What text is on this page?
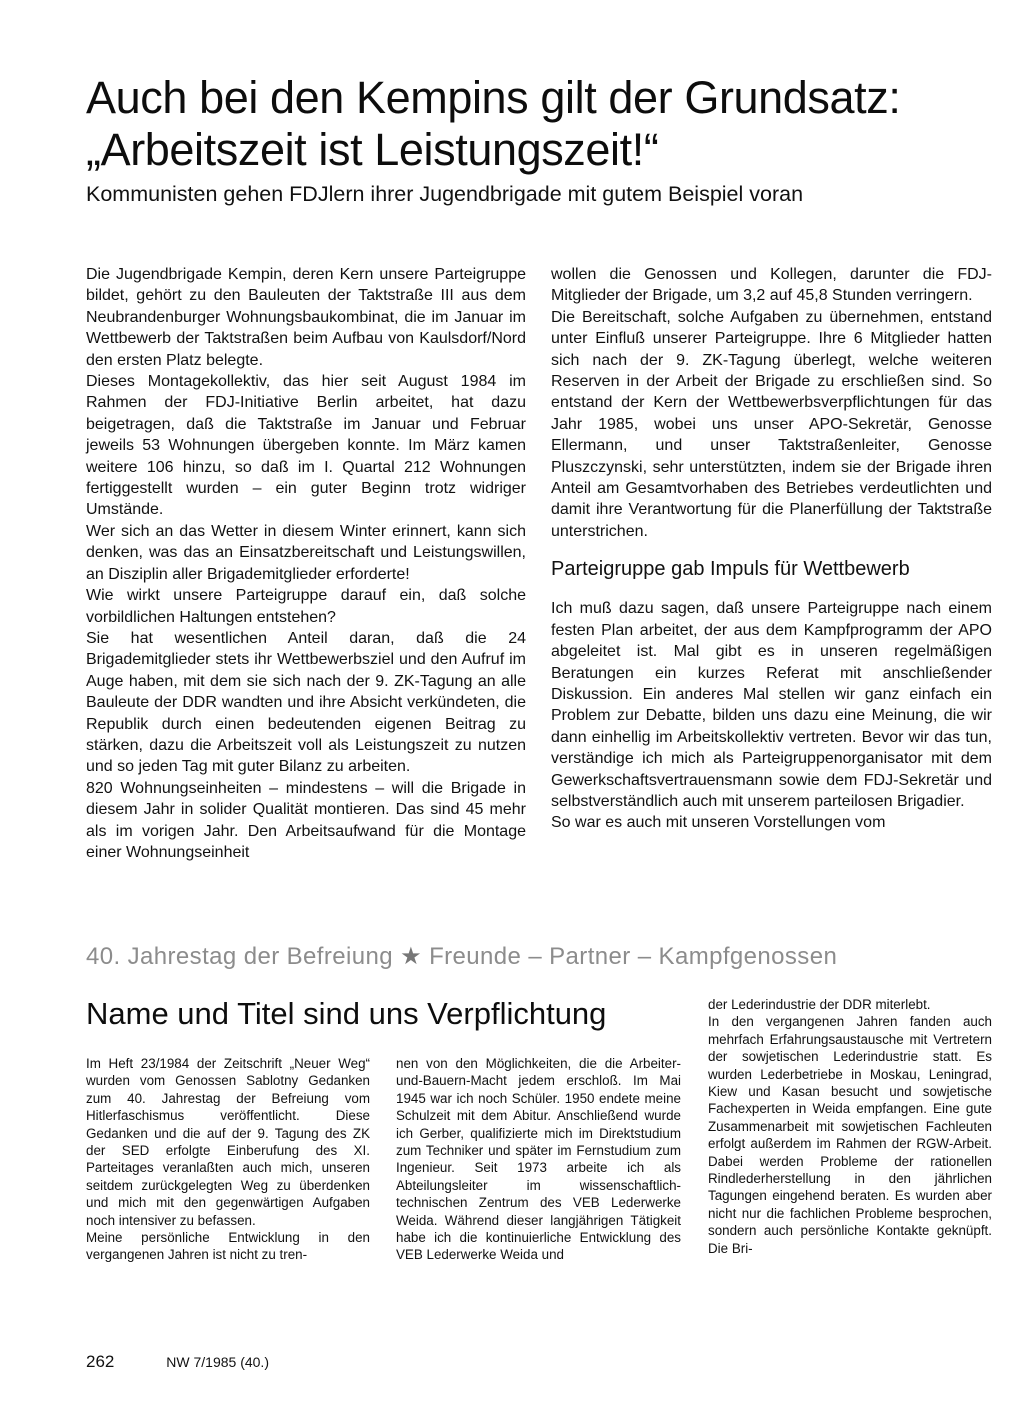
Auch bei den Kempins gilt der Grundsatz:
„Arbeitszeit ist Leistungszeit!“
Kommunisten gehen FDJlern ihrer Jugendbrigade mit gutem Beispiel voran

Die Jugendbrigade Kempin, deren Kern unsere Parteigruppe bildet, gehört zu den Bauleuten der Taktstraße III aus dem Neubrandenburger Wohnungsbaukombinat, die im Januar im Wettbewerb der Taktstraßen beim Aufbau von Kaulsdorf/Nord den ersten Platz belegte.

Dieses Montagekollektiv, das hier seit August 1984 im Rahmen der FDJ-Initiative Berlin arbeitet, hat dazu beigetragen, daß die Taktstraße im Januar und Februar jeweils 53 Wohnungen übergeben konnte. Im März kamen weitere 106 hinzu, so daß im I. Quartal 212 Wohnungen fertiggestellt wurden – ein guter Beginn trotz widriger Umstände.

Wer sich an das Wetter in diesem Winter erinnert, kann sich denken, was das an Einsatzbereitschaft und Leistungswillen, an Disziplin aller Brigademitglieder erforderte!

Wie wirkt unsere Parteigruppe darauf ein, daß solche vorbildlichen Haltungen entstehen?

Sie hat wesentlichen Anteil daran, daß die 24 Brigademitglieder stets ihr Wettbewerbsziel und den Aufruf im Auge haben, mit dem sie sich nach der 9. ZK-Tagung an alle Bauleute der DDR wandten und ihre Absicht verkündeten, die Republik durch einen bedeutenden eigenen Beitrag zu stärken, dazu die Arbeitszeit voll als Leistungszeit zu nutzen und so jeden Tag mit guter Bilanz zu arbeiten.

820 Wohnungseinheiten – mindestens – will die Brigade in diesem Jahr in solider Qualität montieren. Das sind 45 mehr als im vorigen Jahr. Den Arbeitsaufwand für die Montage einer Wohnungseinheit

wollen die Genossen und Kollegen, darunter die FDJ-Mitglieder der Brigade, um 3,2 auf 45,8 Stunden verringern.

Die Bereitschaft, solche Aufgaben zu übernehmen, entstand unter Einfluß unserer Parteigruppe. Ihre 6 Mitglieder hatten sich nach der 9. ZK-Tagung überlegt, welche weiteren Reserven in der Arbeit der Brigade zu erschließen sind. So entstand der Kern der Wettbewerbsverpflichtungen für das Jahr 1985, wobei uns unser APO-Sekretär, Genosse Ellermann, und unser Taktstraßenleiter, Genosse Pluszczynski, sehr unterstützten, indem sie der Brigade ihren Anteil am Gesamtvorhaben des Betriebes verdeutlichten und damit ihre Verantwortung für die Planerfüllung der Taktstraße unterstrichen.

Parteigruppe gab Impuls für Wettbewerb

Ich muß dazu sagen, daß unsere Parteigruppe nach einem festen Plan arbeitet, der aus dem Kampfprogramm der APO abgeleitet ist. Mal gibt es in unseren regelmäßigen Beratungen ein kurzes Referat mit anschließender Diskussion. Ein anderes Mal stellen wir ganz einfach ein Problem zur Debatte, bilden uns dazu eine Meinung, die wir dann einhellig im Arbeitskollektiv vertreten. Bevor wir das tun, verständige ich mich als Parteigruppenorganisator mit dem Gewerkschaftsvertrauensmann sowie dem FDJ-Sekretär und selbstverständlich auch mit unserem parteilosen Brigadier.

So war es auch mit unseren Vorstellungen vom

40. Jahrestag der Befreiung ★ Freunde – Partner – Kampfgenossen
Name und Titel sind uns Verpflichtung

Im Heft 23/1984 der Zeitschrift „Neuer Weg“ wurden vom Genossen Sablotny Gedanken zum 40. Jahrestag der Befreiung vom Hitlerfaschismus veröffentlicht. Diese Gedanken und die auf der 9. Tagung des ZK der SED erfolgte Einberufung des XI. Parteitages veranlaßten auch mich, unseren seitdem zurückgelegten Weg zu überdenken und mich mit den gegenwärtigen Aufgaben noch intensiver zu befassen.

Meine persönliche Entwicklung in den vergangenen Jahren ist nicht zu tren-

nen von den Möglichkeiten, die die Arbeiter-und-Bauern-Macht jedem erschloß. Im Mai 1945 war ich noch Schüler. 1950 endete meine Schulzeit mit dem Abitur. Anschließend wurde ich Gerber, qualifizierte mich im Direktstudium zum Techniker und später im Fernstudium zum Ingenieur. Seit 1973 arbeite ich als Abteilungsleiter im wissenschaftlich-technischen Zentrum des VEB Lederwerke Weida. Während dieser langjährigen Tätigkeit habe ich die kontinuierliche Entwicklung des VEB Lederwerke Weida und

der Lederindustrie der DDR miterlebt.

In den vergangenen Jahren fanden auch mehrfach Erfahrungsaustausche mit Vertretern der sowjetischen Lederindustrie statt. Es wurden Lederbetriebe in Moskau, Leningrad, Kiew und Kasan besucht und sowjetische Fachexperten in Weida empfangen. Eine gute Zusammenarbeit mit sowjetischen Fachleuten erfolgt außerdem im Rahmen der RGW-Arbeit. Dabei werden Probleme der rationellen Rindlederherstellung in den jährlichen Tagungen eingehend beraten. Es wurden aber nicht nur die fachlichen Probleme besprochen, sondern auch persönliche Kontakte geknüpft. Die Bri-

262	NW 7/1985 (40.)
